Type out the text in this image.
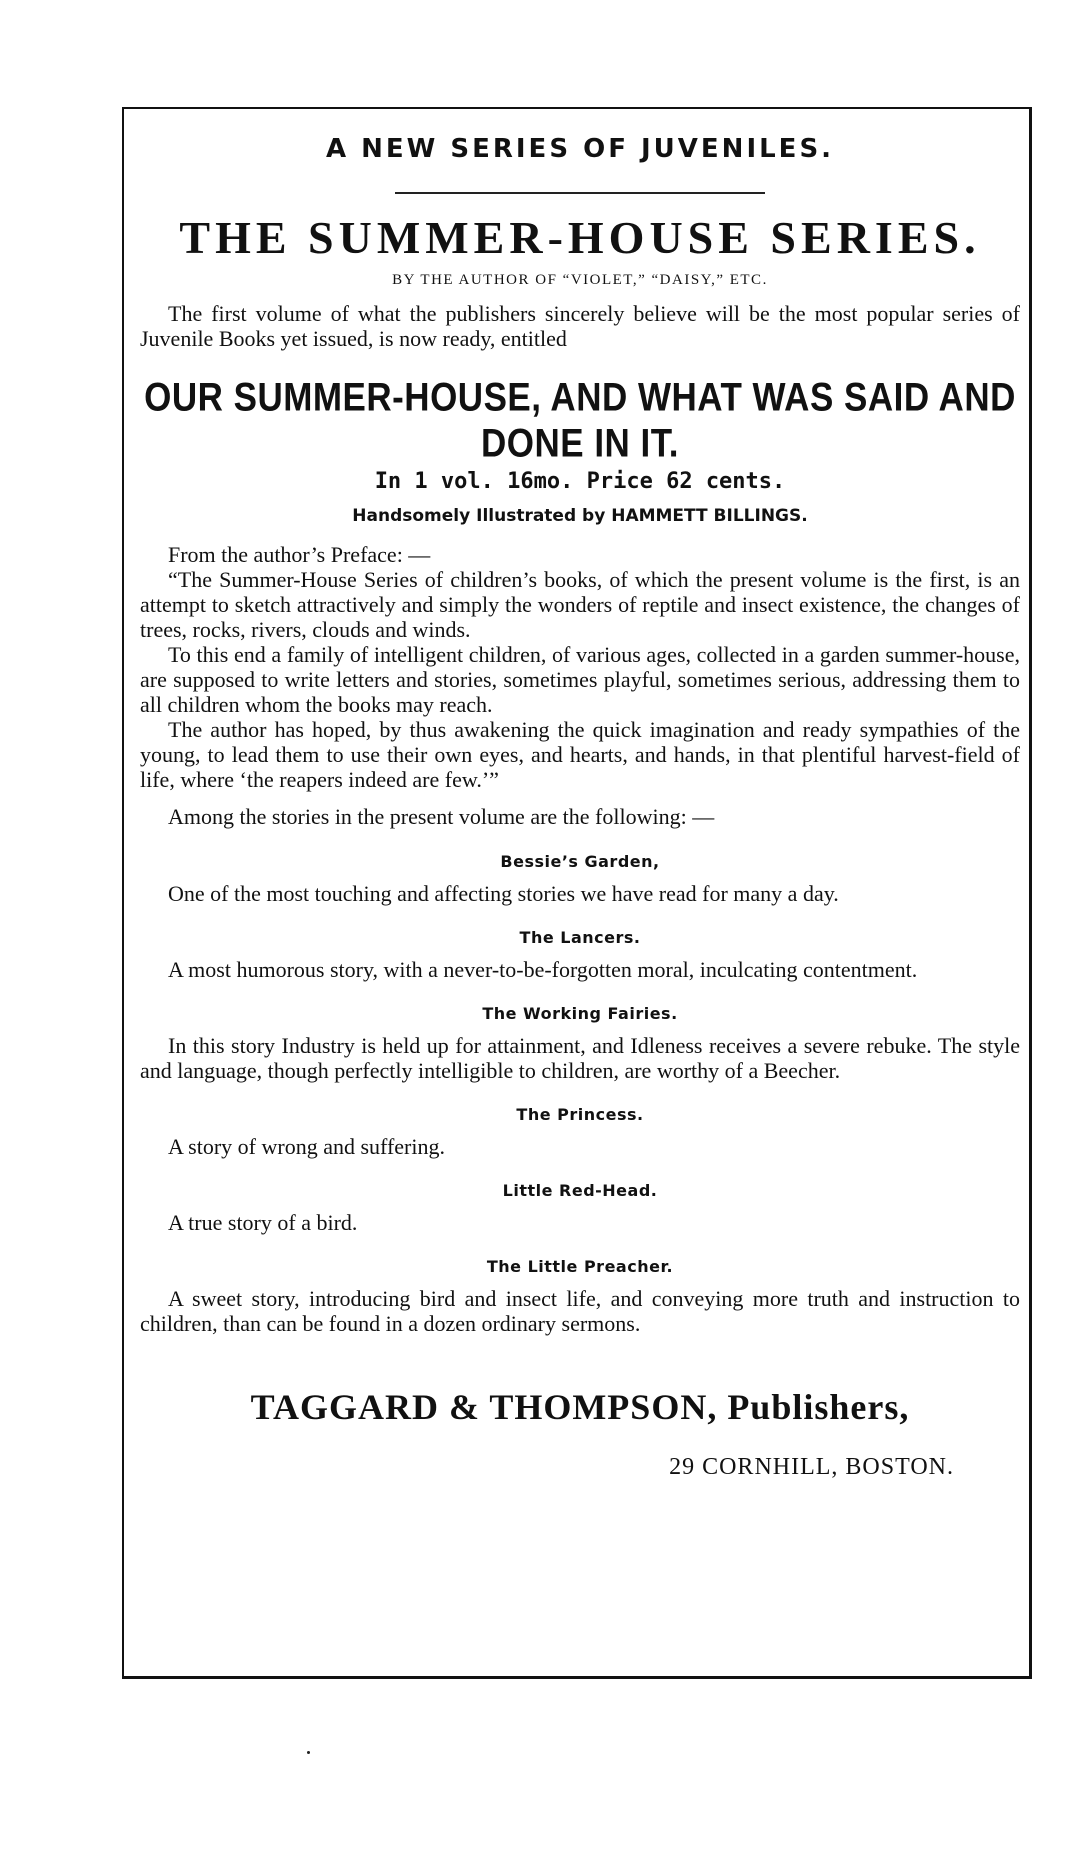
A NEW SERIES OF JUVENILES.
THE SUMMER-HOUSE SERIES.
BY THE AUTHOR OF “VIOLET,” “DAISY,” ETC.

The first volume of what the publishers sincerely believe will be the most popular series of Juvenile Books yet issued, is now ready, entitled

OUR SUMMER-HOUSE, AND WHAT WAS SAID AND DONE IN IT.
In 1 vol. 16mo. Price 62 cents.
Handsomely Illustrated by HAMMETT BILLINGS.

From the author’s Preface: —

“The Summer-House Series of children’s books, of which the present volume is the first, is an attempt to sketch attractively and simply the wonders of reptile and insect existence, the changes of trees, rocks, rivers, clouds and winds.

To this end a family of intelligent children, of various ages, collected in a garden summer-house, are supposed to write letters and stories, sometimes playful, sometimes serious, addressing them to all children whom the books may reach.

The author has hoped, by thus awakening the quick imagination and ready sympathies of the young, to lead them to use their own eyes, and hearts, and hands, in that plentiful harvest-field of life, where ‘the reapers indeed are few.’”

Among the stories in the present volume are the following: —

Bessie’s Garden,

One of the most touching and affecting stories we have read for many a day.

The Lancers.

A most humorous story, with a never-to-be-forgotten moral, inculcating contentment.

The Working Fairies.

In this story Industry is held up for attainment, and Idleness receives a severe rebuke. The style and language, though perfectly intelligible to children, are worthy of a Beecher.

The Princess.

A story of wrong and suffering.

Little Red-Head.

A true story of a bird.

The Little Preacher.

A sweet story, introducing bird and insect life, and conveying more truth and instruction to children, than can be found in a dozen ordinary sermons.

TAGGARD & THOMPSON, Publishers,
29 CORNHILL, BOSTON.
